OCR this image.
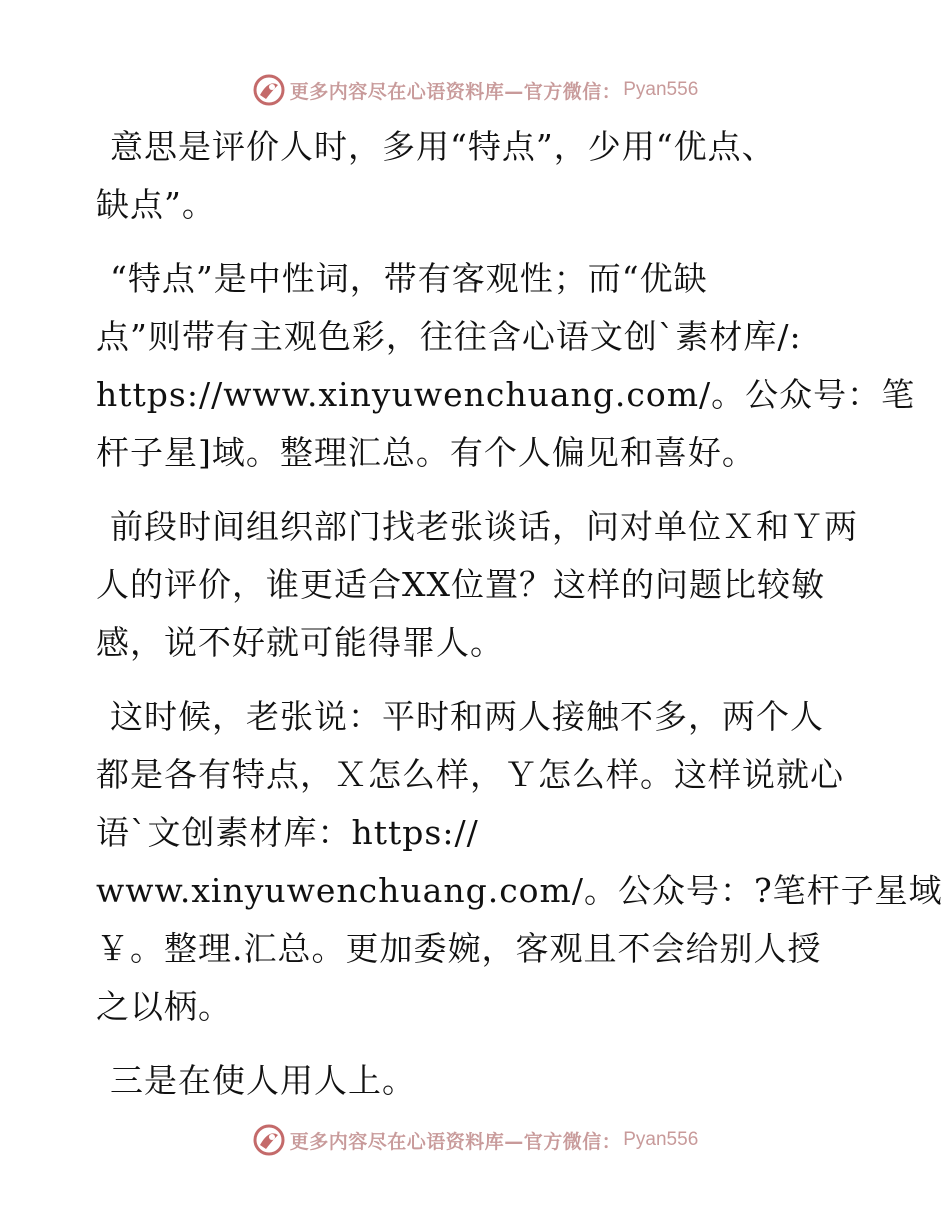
更多内容尽在心语资料库—官方微信： Pyan556

意思是评价人时，多用“特点”，少用“优点、
缺点”。

“特点”是中性词，带有客观性；而“优缺
点”则带有主观色彩，往往含心语文创`素材库/:
https://www.xinyuwenchuang.com/。公众号：笔
杆子星]域。整理汇总。有个人偏见和喜好。

前段时间组织部门找老张谈话，问对单位Ｘ和Ｙ两
人的评价，谁更适合XX位置？这样的问题比较敏
感，说不好就可能得罪人。

这时候，老张说：平时和两人接触不多，两个人
都是各有特点，Ｘ怎么样，Ｙ怎么样。这样说就心
语`文创素材库：https://
www.xinyuwenchuang.com/。公众号：?笔杆子星域
￥。整理.汇总。更加委婉，客观且不会给别人授
之以柄。

三是在使人用人上。

更多内容尽在心语资料库—官方微信： Pyan556
